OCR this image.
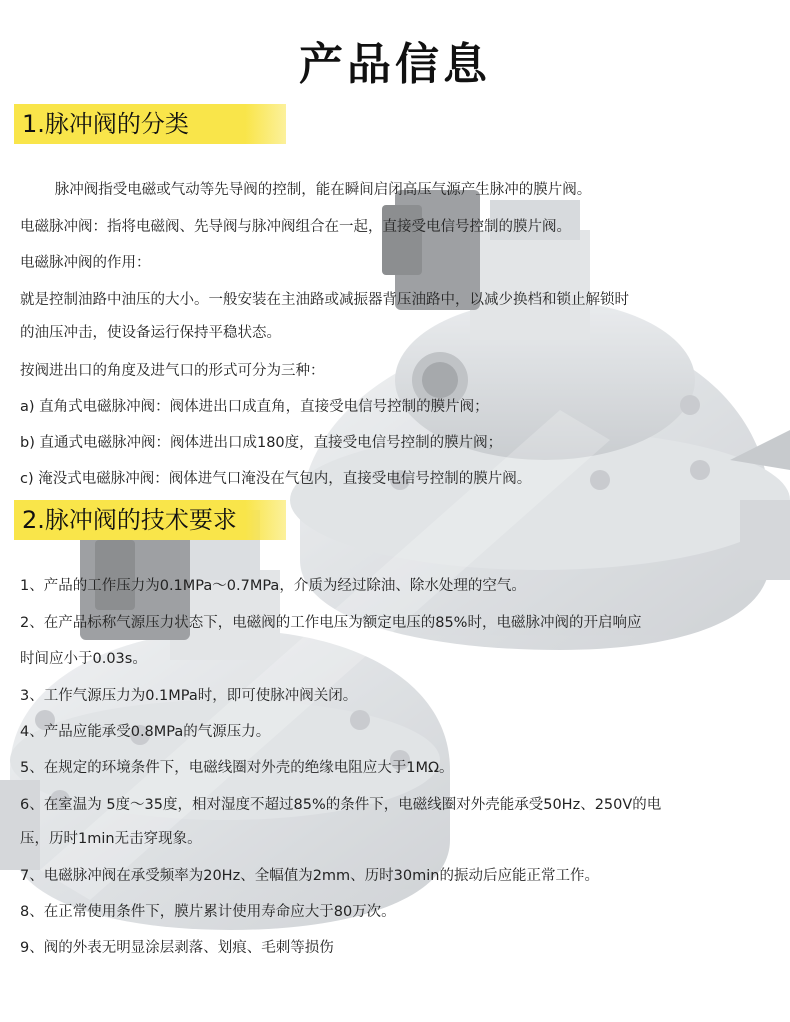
产品信息
1.脉冲阀的分类
脉冲阀指受电磁或气动等先导阀的控制，能在瞬间启闭高压气源产生脉冲的膜片阀。
电磁脉冲阀：指将电磁阀、先导阀与脉冲阀组合在一起，直接受电信号控制的膜片阀。
电磁脉冲阀的作用：
就是控制油路中油压的大小。一般安装在主油路或减振器背压油路中，以减少换档和锁止解锁时
的油压冲击，使设备运行保持平稳状态。
按阀进出口的角度及进气口的形式可分为三种：
a) 直角式电磁脉冲阀：阀体进出口成直角，直接受电信号控制的膜片阀；
b) 直通式电磁脉冲阀：阀体进出口成180度，直接受电信号控制的膜片阀；
c) 淹没式电磁脉冲阀：阀体进气口淹没在气包内，直接受电信号控制的膜片阀。
2.脉冲阀的技术要求
1、产品的工作压力为0.1MPa～0.7MPa，介质为经过除油、除水处理的空气。
2、在产品标称气源压力状态下，电磁阀的工作电压为额定电压的85%时，电磁脉冲阀的开启响应
时间应小于0.03s。
3、工作气源压力为0.1MPa时，即可使脉冲阀关闭。
4、产品应能承受0.8MPa的气源压力。
5、在规定的环境条件下，电磁线圈对外壳的绝缘电阻应大于1MΩ。
6、在室温为 5度～35度，相对湿度不超过85%的条件下，电磁线圈对外壳能承受50Hz、250V的电
压，历时1min无击穿现象。
7、电磁脉冲阀在承受频率为20Hz、全幅值为2mm、历时30min的振动后应能正常工作。
8、在正常使用条件下，膜片累计使用寿命应大于80万次。
9、阀的外表无明显涂层剥落、划痕、毛刺等损伤
